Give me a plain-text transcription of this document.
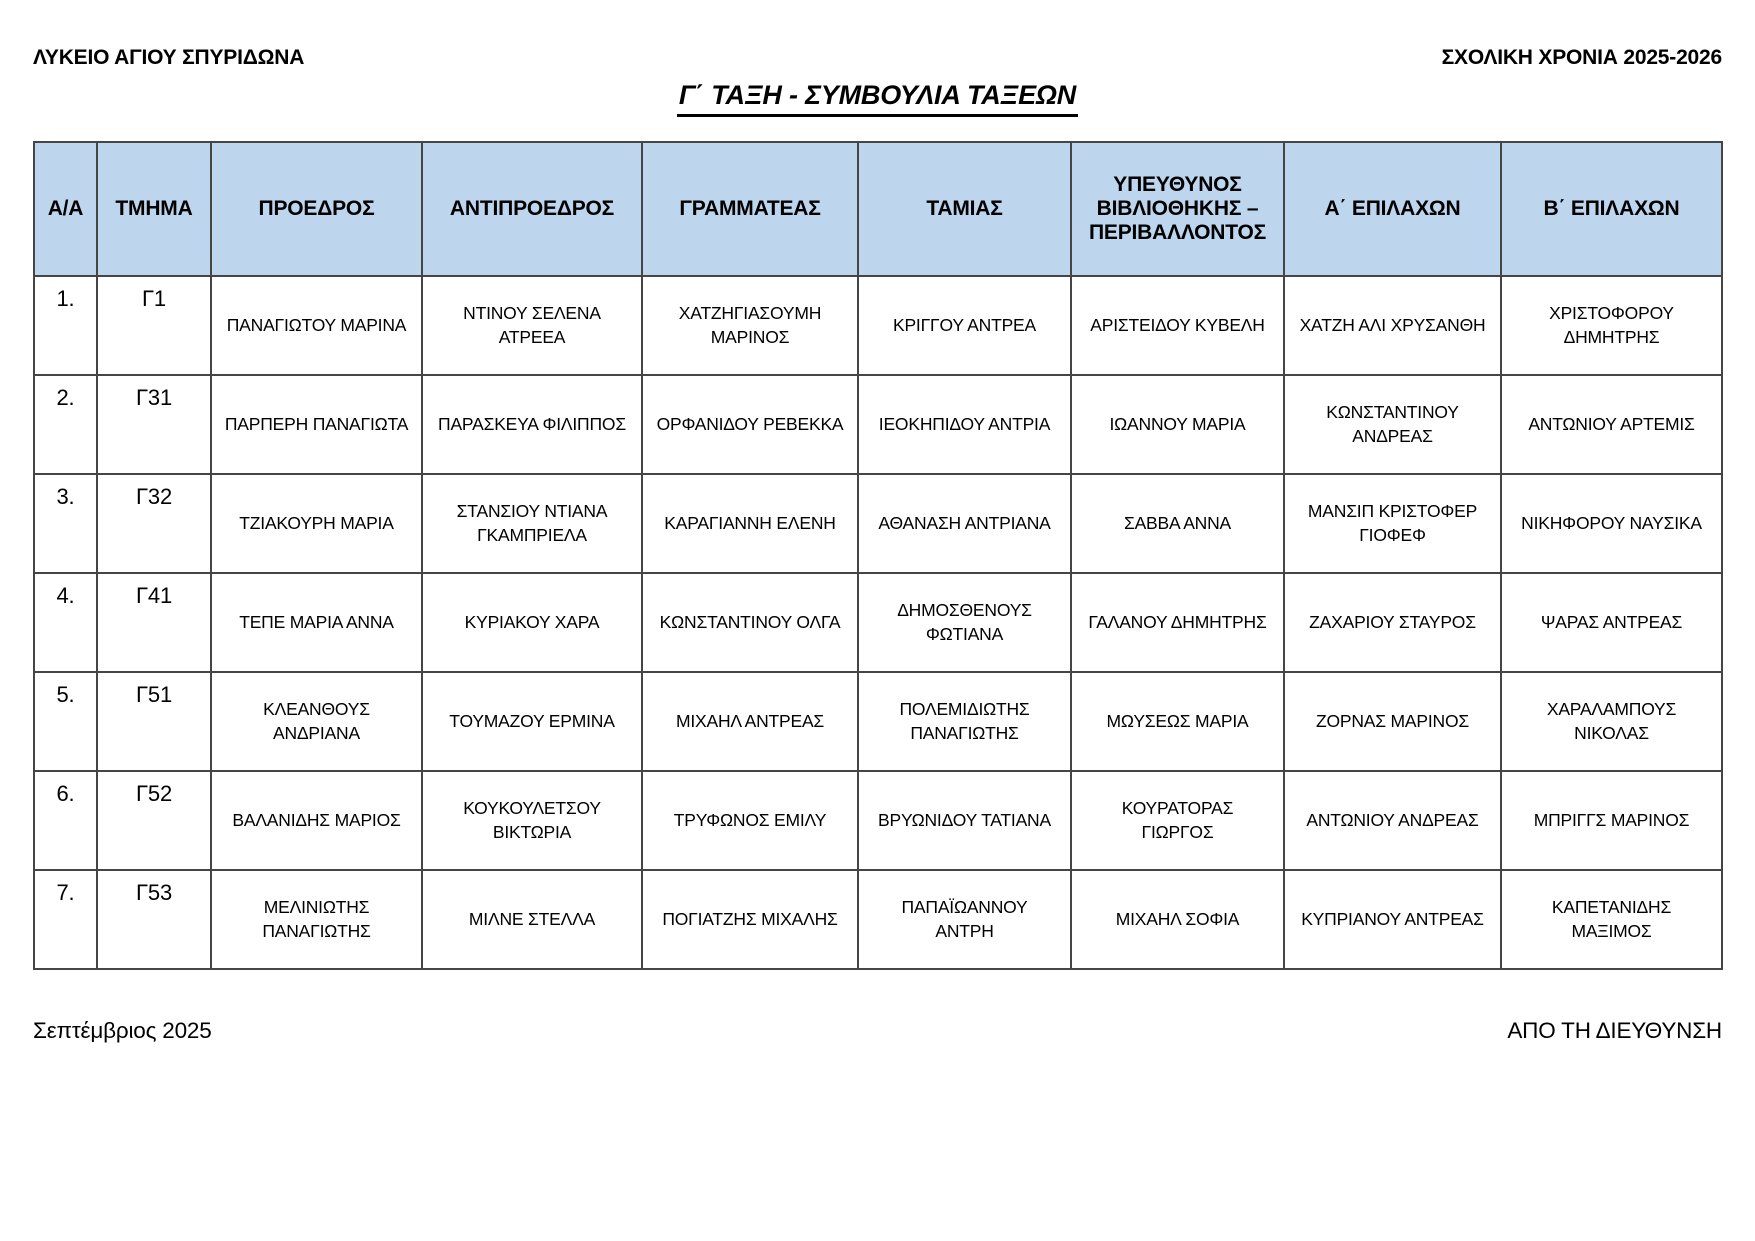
ΛΥΚΕΙΟ ΑΓΙΟΥ ΣΠΥΡΙΔΩΝΑ	ΣΧΟΛΙΚΗ ΧΡΟΝΙΑ 2025-2026
Γ΄ ΤΑΞΗ - ΣΥΜΒΟΥΛΙΑ ΤΑΞΕΩΝ
Α/Α	ΤΜΗΜΑ	ΠΡΟΕΔΡΟΣ	ΑΝΤΙΠΡΟΕΔΡΟΣ	ΓΡΑΜΜΑΤΕΑΣ	ΤΑΜΙΑΣ	ΥΠΕΥΘΥΝΟΣ ΒΙΒΛΙΟΘΗΚΗΣ – ΠΕΡΙΒΑΛΛΟΝΤΟΣ	Α΄ ΕΠΙΛΑΧΩΝ	Β΄ ΕΠΙΛΑΧΩΝ
1.	Γ1	ΠΑΝΑΓΙΩΤΟΥ ΜΑΡΙΝΑ	ΝΤΙΝΟΥ ΣΕΛΕΝΑ ΑΤΡΕΕΑ	ΧΑΤΖΗΓΙΑΣΟΥΜΗ ΜΑΡΙΝΟΣ	ΚΡΙΓΓΟΥ ΑΝΤΡΕΑ	ΑΡΙΣΤΕΙΔΟΥ ΚΥΒΕΛΗ	ΧΑΤΖΗ ΑΛΙ ΧΡΥΣΑΝΘΗ	ΧΡΙΣΤΟΦΟΡΟΥ ΔΗΜΗΤΡΗΣ
2.	Γ31	ΠΑΡΠΕΡΗ ΠΑΝΑΓΙΩΤΑ	ΠΑΡΑΣΚΕΥΑ ΦΙΛΙΠΠΟΣ	ΟΡΦΑΝΙΔΟΥ ΡΕΒΕΚΚΑ	ΙΕΟΚΗΠΙΔΟΥ ΑΝΤΡΙΑ	ΙΩΑΝΝΟΥ ΜΑΡΙΑ	ΚΩΝΣΤΑΝΤΙΝΟΥ ΑΝΔΡΕΑΣ	ΑΝΤΩΝΙΟΥ ΑΡΤΕΜΙΣ
3.	Γ32	ΤΖΙΑΚΟΥΡΗ ΜΑΡΙΑ	ΣΤΑΝΣΙΟΥ ΝΤΙΑΝΑ ΓΚΑΜΠΡΙΕΛΑ	ΚΑΡΑΓΙΑΝΝΗ ΕΛΕΝΗ	ΑΘΑΝΑΣΗ ΑΝΤΡΙΑΝΑ	ΣΑΒΒΑ ΑΝΝΑ	ΜΑΝΣΙΠ ΚΡΙΣΤΟΦΕΡ ΓΙΟΦΕΦ	ΝΙΚΗΦΟΡΟΥ ΝΑΥΣΙΚΑ
4.	Γ41	ΤΕΠΕ ΜΑΡΙΑ ΑΝΝΑ	ΚΥΡΙΑΚΟΥ ΧΑΡΑ	ΚΩΝΣΤΑΝΤΙΝΟΥ ΟΛΓΑ	ΔΗΜΟΣΘΕΝΟΥΣ ΦΩΤΙΑΝΑ	ΓΑΛΑΝΟΥ ΔΗΜΗΤΡΗΣ	ΖΑΧΑΡΙΟΥ ΣΤΑΥΡΟΣ	ΨΑΡΑΣ ΑΝΤΡΕΑΣ
5.	Γ51	ΚΛΕΑΝΘΟΥΣ ΑΝΔΡΙΑΝΑ	ΤΟΥΜΑΖΟΥ ΕΡΜΙΝΑ	ΜΙΧΑΗΛ ΑΝΤΡΕΑΣ	ΠΟΛΕΜΙΔΙΩΤΗΣ ΠΑΝΑΓΙΩΤΗΣ	ΜΩΥΣΕΩΣ ΜΑΡΙΑ	ΖΟΡΝΑΣ ΜΑΡΙΝΟΣ	ΧΑΡΑΛΑΜΠΟΥΣ ΝΙΚΟΛΑΣ
6.	Γ52	ΒΑΛΑΝΙΔΗΣ ΜΑΡΙΟΣ	ΚΟΥΚΟΥΛΕΤΣΟΥ ΒΙΚΤΩΡΙΑ	ΤΡΥΦΩΝΟΣ ΕΜΙΛΥ	ΒΡΥΩΝΙΔΟΥ ΤΑΤΙΑΝΑ	ΚΟΥΡΑΤΟΡΑΣ ΓΙΩΡΓΟΣ	ΑΝΤΩΝΙΟΥ ΑΝΔΡΕΑΣ	ΜΠΡΙΓΓΣ ΜΑΡΙΝΟΣ
7.	Γ53	ΜΕΛΙΝΙΩΤΗΣ ΠΑΝΑΓΙΩΤΗΣ	ΜΙΛΝΕ ΣΤΕΛΛΑ	ΠΟΓΙΑΤΖΗΣ ΜΙΧΑΛΗΣ	ΠΑΠΑΪΩΑΝΝΟΥ ΑΝΤΡΗ	ΜΙΧΑΗΛ ΣΟΦΙΑ	ΚΥΠΡΙΑΝΟΥ ΑΝΤΡΕΑΣ	ΚΑΠΕΤΑΝΙΔΗΣ ΜΑΞΙΜΟΣ
Σεπτέμβριος 2025	ΑΠΟ ΤΗ ΔΙΕΥΘΥΝΣΗ
